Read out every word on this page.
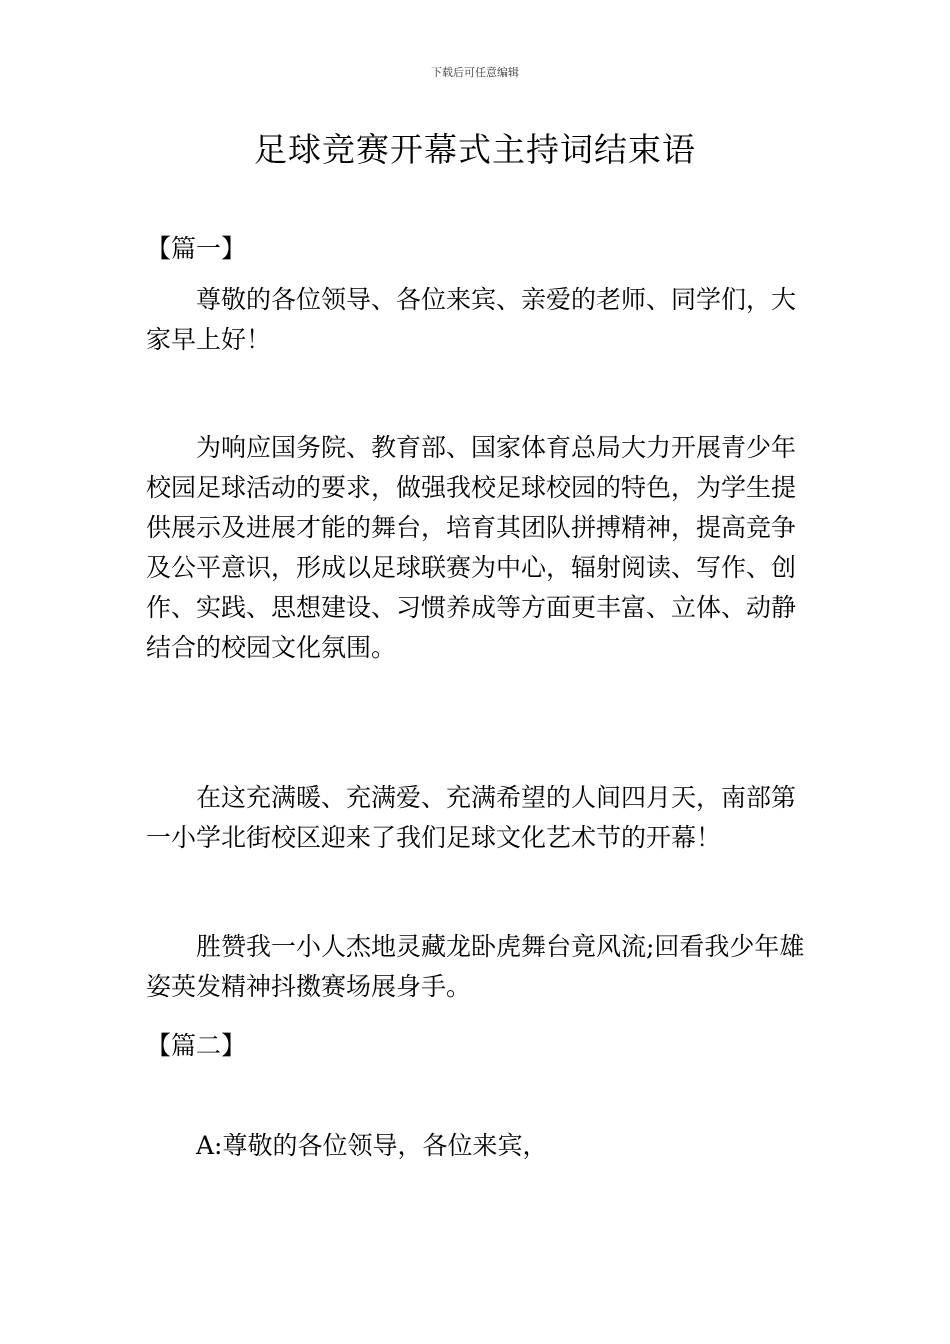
下载后可任意编辑
足球竞赛开幕式主持词结束语
【篇一】

尊敬的各位领导、各位来宾、亲爱的老师、同学们，大家早上好！

为响应国务院、教育部、国家体育总局大力开展青少年校园足球活动的要求，做强我校足球校园的特色，为学生提供展示及进展才能的舞台，培育其团队拼搏精神，提高竞争及公平意识，形成以足球联赛为中心，辐射阅读、写作、创作、实践、思想建设、习惯养成等方面更丰富、立体、动静结合的校园文化氛围。

在这充满暖、充满爱、充满希望的人间四月天，南部第一小学北街校区迎来了我们足球文化艺术节的开幕！

胜赞我一小人杰地灵藏龙卧虎舞台竟风流;回看我少年雄姿英发精神抖擞赛场展身手。

【篇二】

A:尊敬的各位领导，各位来宾，
